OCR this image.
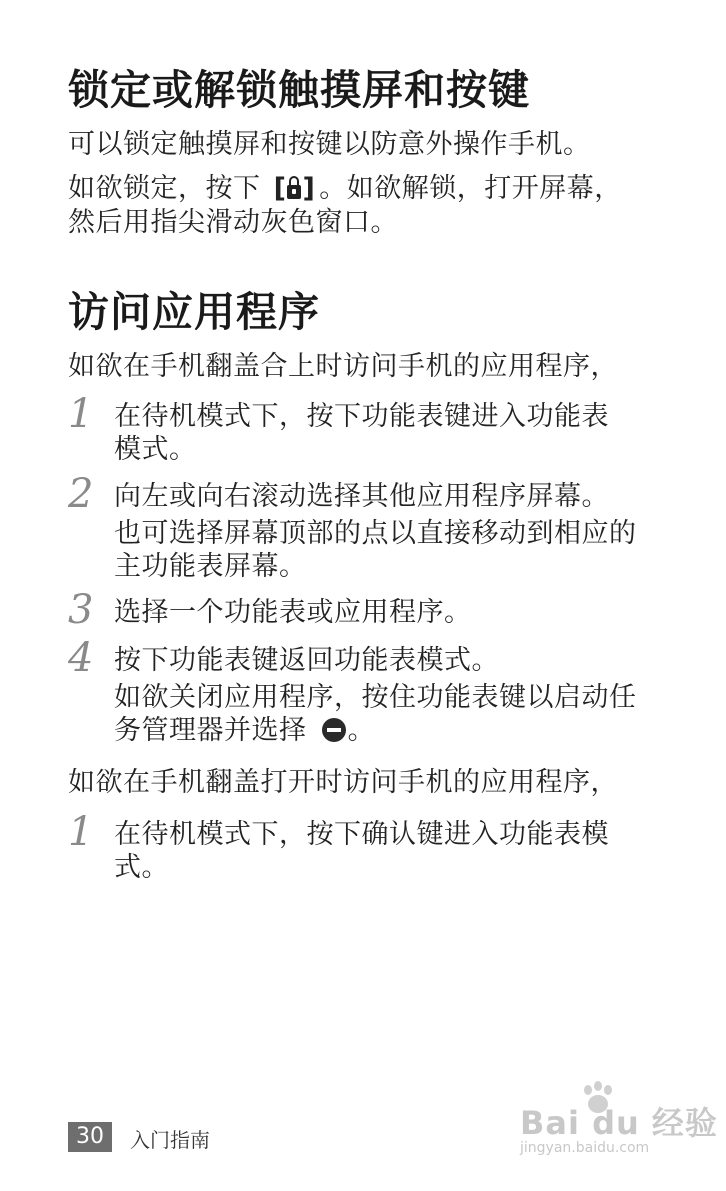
锁定或解锁触摸屏和按键

可以锁定触摸屏和按键以防意外操作手机。

如欲锁定，按下 [ ] 。如欲解锁，打开屏幕，

然后用指尖滑动灰色窗口。

访问应用程序

如欲在手机翻盖合上时访问手机的应用程序，

1 在待机模式下，按下功能表键进入功能表

模式。

2 向左或向右滚动选择其他应用程序屏幕。

也可选择屏幕顶部的点以直接移动到相应的

主功能表屏幕。

3 选择一个功能表或应用程序。

4 按下功能表键返回功能表模式。

如欲关闭应用程序，按住功能表键以启动任

务管理器并选择 。

如欲在手机翻盖打开时访问手机的应用程序，

1 在待机模式下，按下确认键进入功能表模

式。

30	入门指南	Bai du 经验
jingyan.baidu.com
